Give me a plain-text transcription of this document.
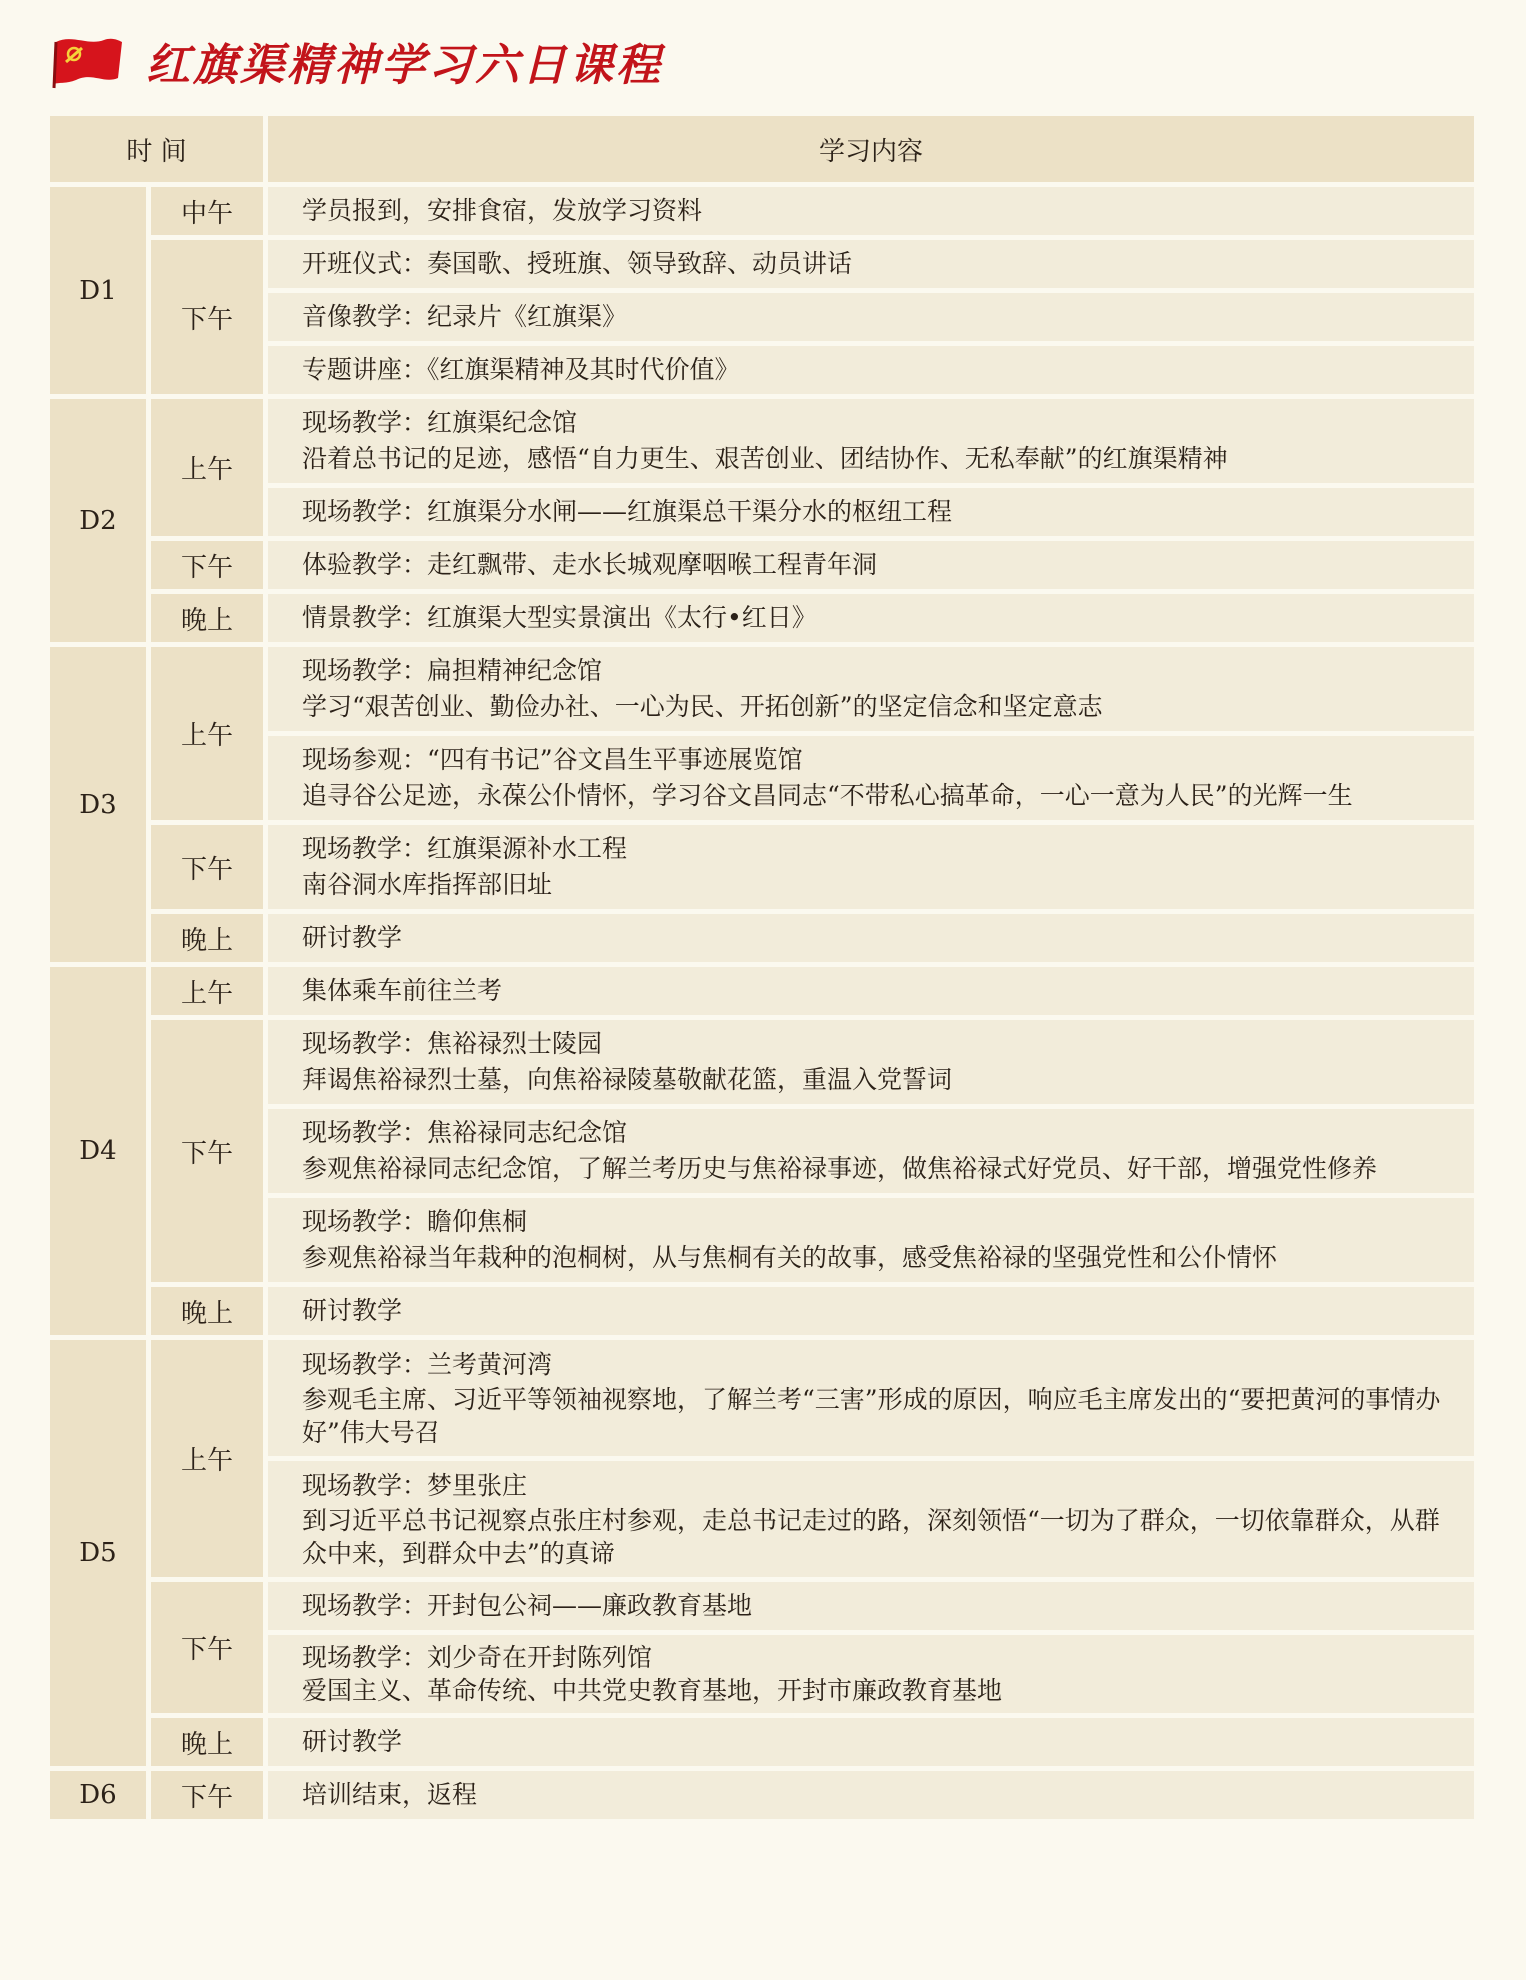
红旗渠精神学习六日课程
时 间		学习内容
D1	中午	学员报到，安排食宿，发放学习资料

	下午	开班仪式：奏国歌、授班旗、领导致辞、动员讲话

		音像教学：纪录片《红旗渠》

		专题讲座：《红旗渠精神及其时代价值》

D2	上午	现场教学：红旗渠纪念馆
沿着总书记的足迹，感悟“自力更生、艰苦创业、团结协作、无私奉献”的红旗渠精神

		现场教学：红旗渠分水闸——红旗渠总干渠分水的枢纽工程

	下午	体验教学：走红飘带、走水长城观摩咽喉工程青年洞

	晚上	情景教学：红旗渠大型实景演出《太行•红日》

D3	上午	现场教学：扁担精神纪念馆
学习“艰苦创业、勤俭办社、一心为民、开拓创新”的坚定信念和坚定意志

		现场参观：“四有书记”谷文昌生平事迹展览馆
追寻谷公足迹，永葆公仆情怀，学习谷文昌同志“不带私心搞革命，一心一意为人民”的光辉一生

	下午	现场教学：红旗渠源补水工程
南谷洞水库指挥部旧址

	晚上	研讨教学

D4	上午	集体乘车前往兰考

	下午	现场教学：焦裕禄烈士陵园
拜谒焦裕禄烈士墓，向焦裕禄陵墓敬献花篮，重温入党誓词

		现场教学：焦裕禄同志纪念馆
参观焦裕禄同志纪念馆，了解兰考历史与焦裕禄事迹，做焦裕禄式好党员、好干部，增强党性修养

		现场教学：瞻仰焦桐
参观焦裕禄当年栽种的泡桐树，从与焦桐有关的故事，感受焦裕禄的坚强党性和公仆情怀

	晚上	研讨教学

D5	上午	现场教学：兰考黄河湾
参观毛主席、习近平等领袖视察地，了解兰考“三害”形成的原因，响应毛主席发出的“要把黄河的事情办好”伟大号召

		现场教学：梦里张庄
到习近平总书记视察点张庄村参观，走总书记走过的路，深刻领悟“一切为了群众，一切依靠群众，从群众中来，到群众中去”的真谛

	下午	现场教学：开封包公祠——廉政教育基地

		现场教学：刘少奇在开封陈列馆
爱国主义、革命传统、中共党史教育基地，开封市廉政教育基地

	晚上	研讨教学

D6	下午	培训结束，返程
